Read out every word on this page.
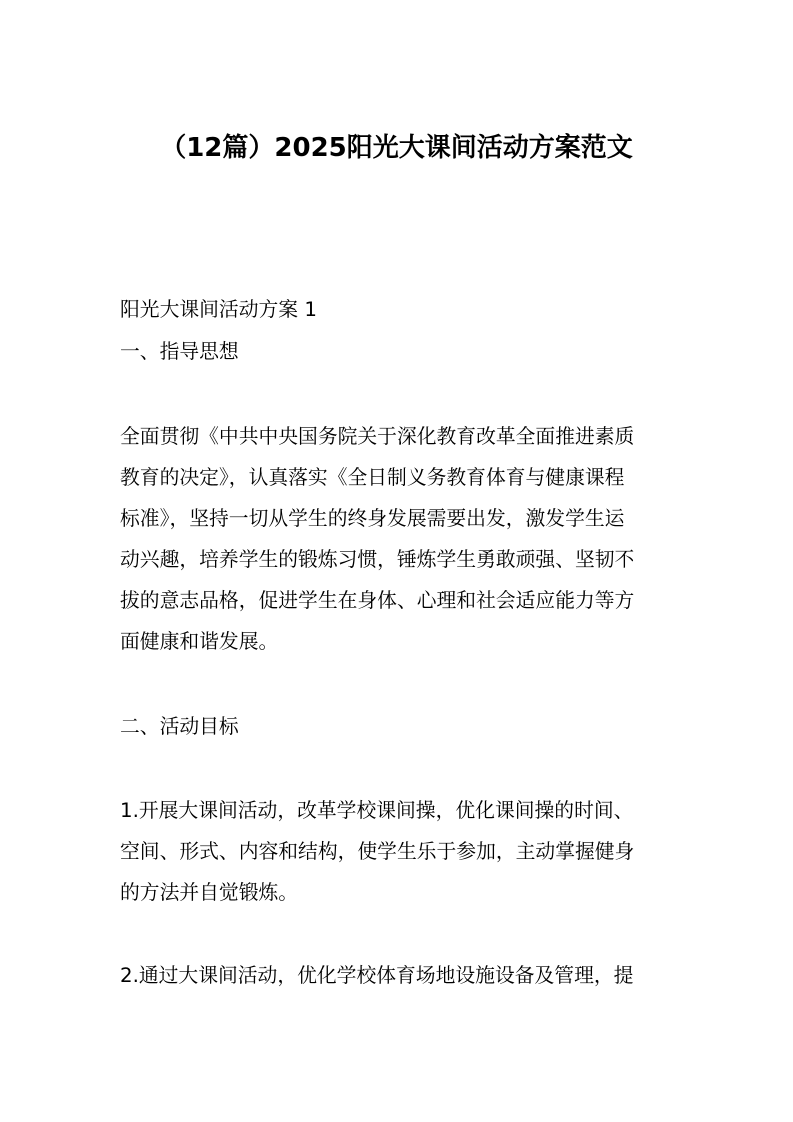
（12篇）2025阳光大课间活动方案范文
阳光大课间活动方案 1
一、指导思想
全面贯彻《中共中央国务院关于深化教育改革全面推进素质
教育的决定》，认真落实《全日制义务教育体育与健康课程
标准》，坚持一切从学生的终身发展需要出发，激发学生运
动兴趣，培养学生的锻炼习惯，锤炼学生勇敢顽强、坚韧不
拔的意志品格，促进学生在身体、心理和社会适应能力等方
面健康和谐发展。
二、活动目标
1.开展大课间活动，改革学校课间操，优化课间操的时间、
空间、形式、内容和结构，使学生乐于参加，主动掌握健身
的方法并自觉锻炼。
2.通过大课间活动，优化学校体育场地设施设备及管理，提
